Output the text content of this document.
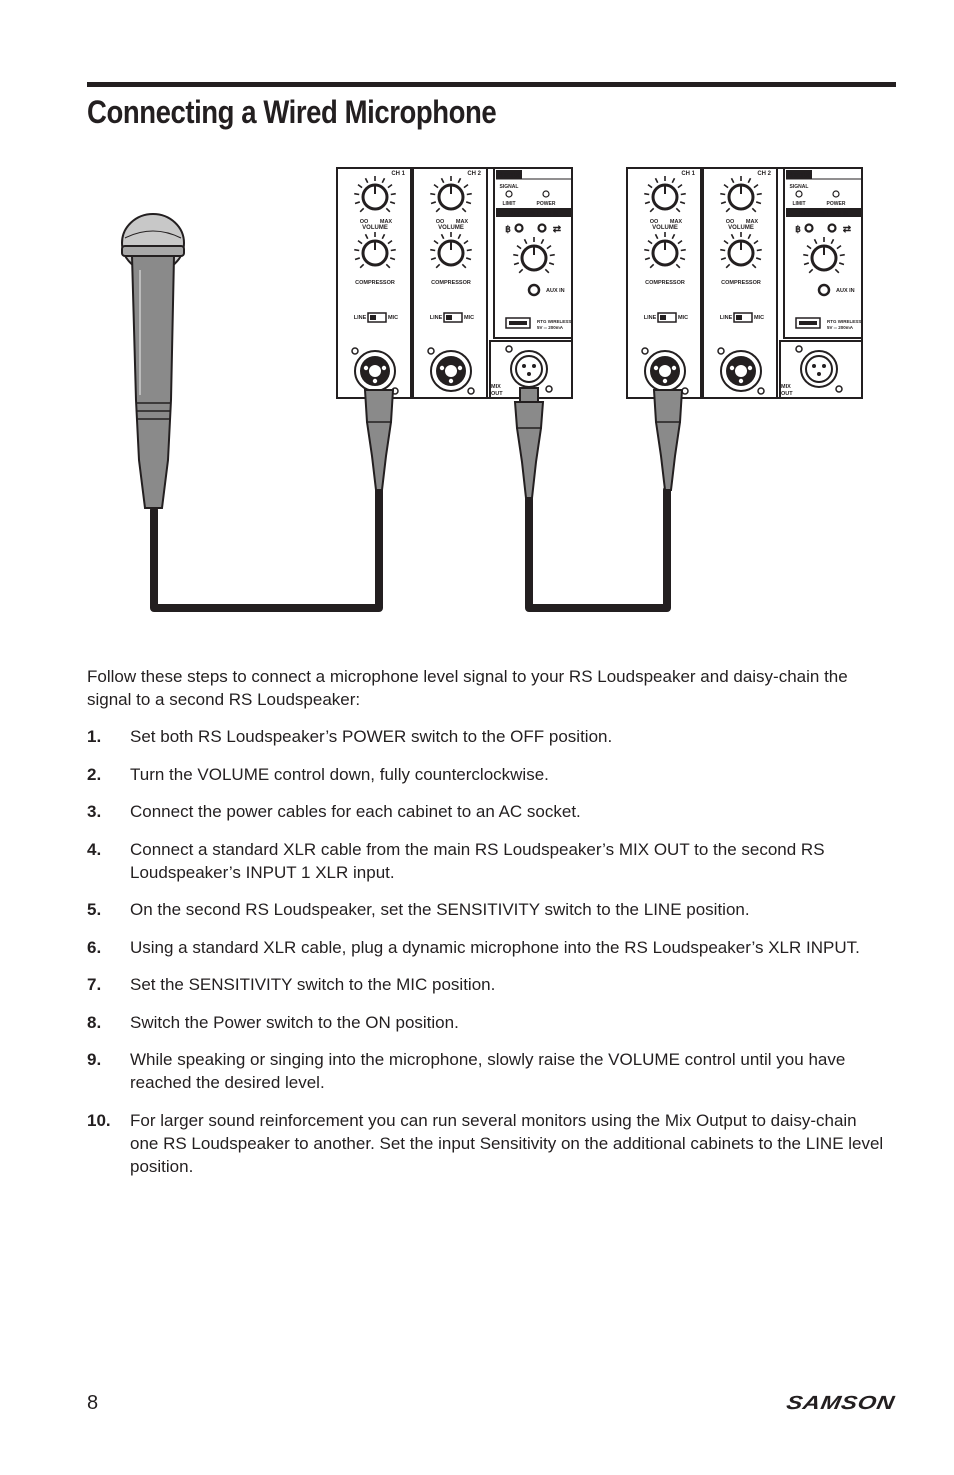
Connecting a Wired Microphone
CH 1
OO MAX
VOLUME
COMPRESSOR
LINE	MIC
CH 2
OO MAX
VOLUME
COMPRESSOR
LINE	MIC
STATUS
SIGNAL
LIMIT	POWER
Bluetooth / AUX IN
฿	⇄
AUX IN
RTG WIRELESS
5V ═ 200mA
MIX
OUT
CH 1
OO MAX
VOLUME
COMPRESSOR
LINE	MIC
CH 2
OO MAX
VOLUME
COMPRESSOR
LINE	MIC
STATUS
SIGNAL
LIMIT	POWER
Bluetooth / AUX IN
฿	⇄
AUX IN
RTG WIRELESS
5V ═ 200mA
MIX
OUT

Follow these steps to connect a microphone level signal to your RS Loudspeaker and daisy-chain the signal to a second RS Loudspeaker:

1. Set both RS Loudspeaker’s POWER switch to the OFF position.
2. Turn the VOLUME control down, fully counterclockwise.
3. Connect the power cables for each cabinet to an AC socket.
4. Connect a standard XLR cable from the main RS Loudspeaker’s MIX OUT to the second RS Loudspeaker’s INPUT 1 XLR input.
5. On the second RS Loudspeaker, set the SENSITIVITY switch to the LINE position.
6. Using a standard XLR cable, plug a dynamic microphone into the RS Loudspeaker’s XLR INPUT.
7. Set the SENSITIVITY switch to the MIC position.
8. Switch the Power switch to the ON position.
9. While speaking or singing into the microphone, slowly raise the VOLUME control until you have reached the desired level.
10. For larger sound reinforcement you can run several monitors using the Mix Output to daisy-chain one RS Loudspeaker to another. Set the input Sensitivity on the additional cabinets to the LINE level position.
8	SAMSON
